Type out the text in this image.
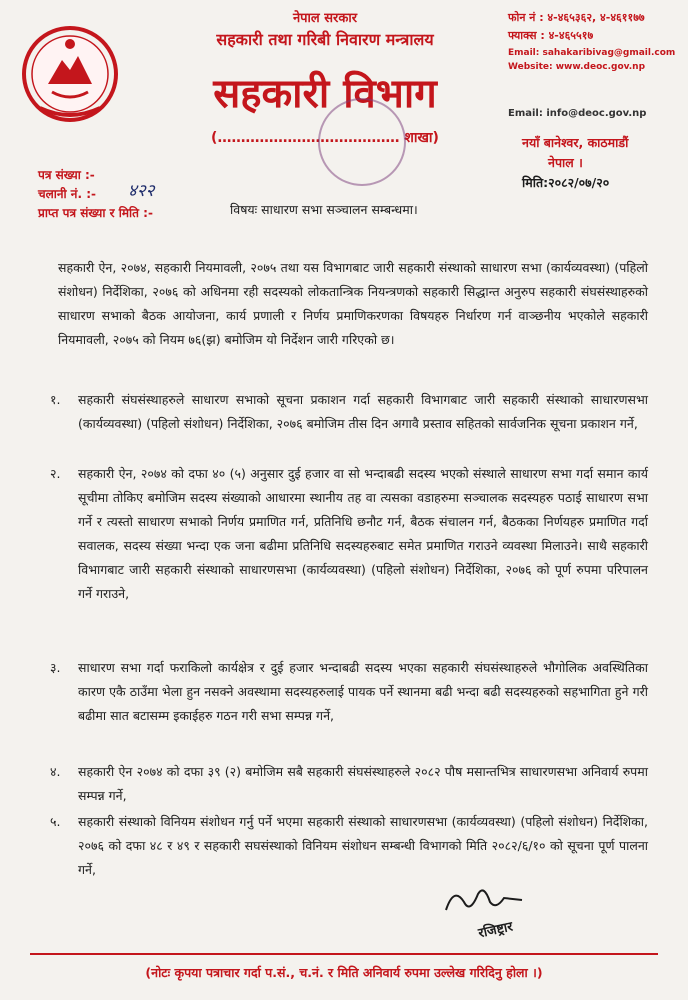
नेपाल सरकार
सहकारी तथा गरिबी निवारण मन्त्रालय
सहकारी विभाग
(………………………………… शाखा)
फोन नं : ४-४६५३६२, ४-४६११७७
फ्याक्स : ४-४६५५१७
Email: sahakaribivag@gmail.com
Website: www.deoc.gov.np
Email: info@deoc.gov.np
नयाँ बानेश्वर, काठमाडौं
नेपाल ।
मिति:२०८२/०७/२०
पत्र संख्या :-
चलानी नं. :- ४२२
प्राप्त पत्र संख्या र मिति :-	विषयः साधारण सभा सञ्चालन सम्बन्धमा।
सहकारी ऐन, २०७४, सहकारी नियमावली, २०७५ तथा यस विभागबाट जारी सहकारी संस्थाको साधारण सभा (कार्यव्यवस्था) (पहिलो संशोधन) निर्देशिका, २०७६ को अधिनमा रही सदस्यको लोकतान्त्रिक नियन्त्रणको सहकारी सिद्धान्त अनुरुप सहकारी संघसंस्थाहरुको साधारण सभाको बैठक आयोजना, कार्य प्रणाली र निर्णय प्रमाणिकरणका विषयहरु निर्धारण गर्न वाञ्छनीय भएकोले सहकारी नियमावली, २०७५ को नियम ७६(झ) बमोजिम यो निर्देशन जारी गरिएको छ।
१. सहकारी संघसंस्थाहरुले साधारण सभाको सूचना प्रकाशन गर्दा सहकारी विभागबाट जारी सहकारी संस्थाको साधारणसभा (कार्यव्यवस्था) (पहिलो संशोधन) निर्देशिका, २०७६ बमोजिम तीस दिन अगावै प्रस्ताव सहितको सार्वजनिक सूचना प्रकाशन गर्ने,
२. सहकारी ऐन, २०७४ को दफा ४० (५) अनुसार दुई हजार वा सो भन्दाबढी सदस्य भएको संस्थाले साधारण सभा गर्दा समान कार्य सूचीमा तोकिए बमोजिम सदस्य संख्याको आधारमा स्थानीय तह वा त्यसका वडाहरुमा सञ्चालक सदस्यहरु पठाई साधारण सभा गर्ने र त्यस्तो साधारण सभाको निर्णय प्रमाणित गर्न, प्रतिनिधि छनौट गर्न, बैठक संचालन गर्न, बैठकका निर्णयहरु प्रमाणित गर्दा सवालक, सदस्य संख्या भन्दा एक जना बढीमा प्रतिनिधि सदस्यहरुबाट समेत प्रमाणित गराउने व्यवस्था मिलाउने। साथै सहकारी विभागबाट जारी सहकारी संस्थाको साधारणसभा (कार्यव्यवस्था) (पहिलो संशोधन) निर्देशिका, २०७६ को पूर्ण रुपमा परिपालन गर्ने गराउने,
३. साधारण सभा गर्दा फराकिलो कार्यक्षेत्र र दुई हजार भन्दाबढी सदस्य भएका सहकारी संघसंस्थाहरुले भौगोलिक अवस्थितिका कारण एकै ठाउँमा भेला हुन नसक्ने अवस्थामा सदस्यहरुलाई पायक पर्ने स्थानमा बढी भन्दा बढी सदस्यहरुको सहभागिता हुने गरी बढीमा सात बटासम्म इकाईहरु गठन गरी सभा सम्पन्न गर्ने,
४. सहकारी ऐन २०७४ को दफा ३९ (२) बमोजिम सबै सहकारी संघसंस्थाहरुले २०८२ पौष मसान्तभित्र साधारणसभा अनिवार्य रुपमा सम्पन्न गर्ने,
५. सहकारी संस्थाको विनियम संशोधन गर्नु पर्ने भएमा सहकारी संस्थाको साधारणसभा (कार्यव्यवस्था) (पहिलो संशोधन) निर्देशिका, २०७६ को दफा ४८ र ४९ र सहकारी सघसंस्थाको विनियम संशोधन सम्बन्धी विभागको मिति २०८२/६/१० को सूचना पूर्ण पालना गर्ने,
रजिष्ट्रार
(नोटः कृपया पत्राचार गर्दा प.सं., च.नं. र मिति अनिवार्य रुपमा उल्लेख गरिदिनु होला ।)
